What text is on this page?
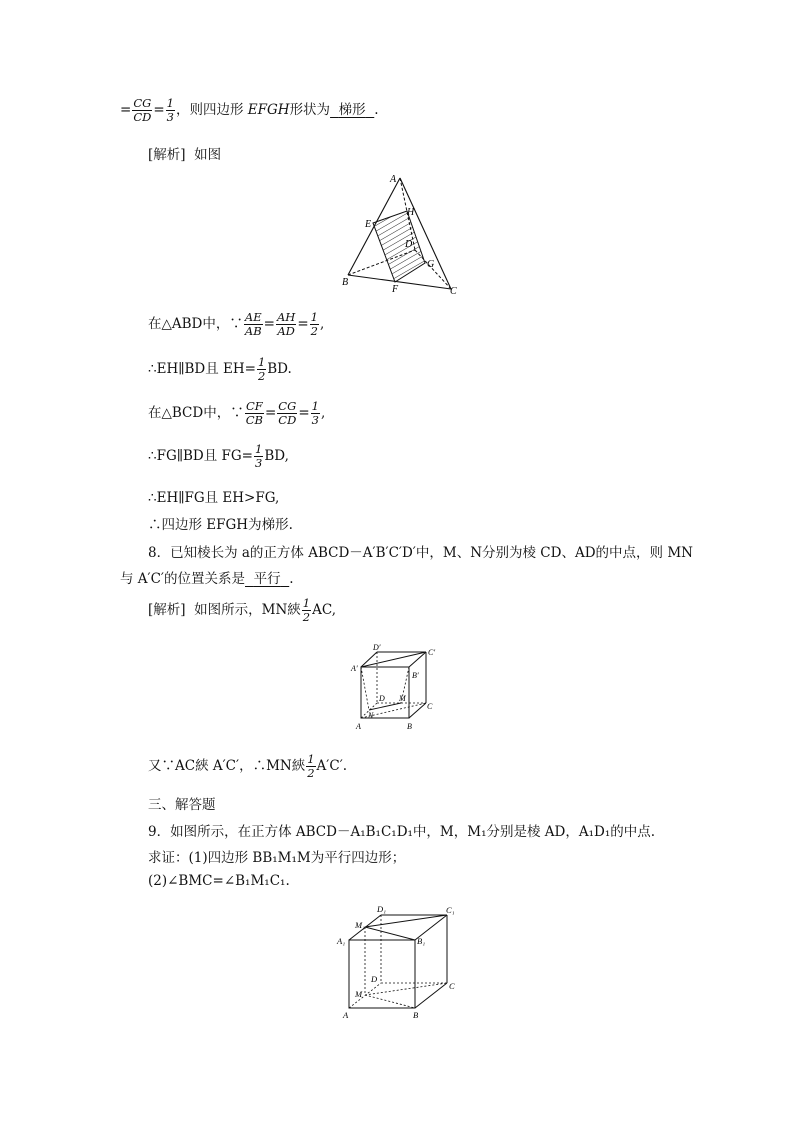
= $\frac{CG}{CD} = \frac{1}{3}$ ，则四边形 EFGH形状为 梯形 .
[解析] 如图
A
E
H
D
G
B
F	C
在△ABD中，∵ $\frac{AE}{AB} = \frac{AH}{AD} = \frac{1}{2}$ ,
∴EH∥BD且 $EH= \frac{1}{2}$ BD.
在△BCD中，∵ $\frac{CF}{CB} = \frac{CG}{CD} = \frac{1}{3}$ ,
∴FG∥BD且 $FG= \frac{1}{3}$ BD,
∴EH∥FG且 EH>FG,
∴四边形 EFGH为梯形.
8．已知棱长为 a的正方体 ABCD－A′B′C′D′中，M、N分别为棱 CD、AD的中点，则 MN
与 A′C′的位置关系是 平行 .
[解析] 如图所示，MN綊 $\frac{1}{2}$ AC,
D′
C′
A′
B′
D M
C
N
A	B
又∵AC綊 A′C′，∴MN綊 $\frac{1}{2} A'C'$.
三、解答题
9．如图所示，在正方体 ABCD－A₁B₁C₁D₁中，M，M₁分别是棱 AD，A₁D₁的中点.
求证：(1)四边形 BB₁M₁M为平行四边形；
(2)∠BMC=∠B₁M₁C₁.
M₁
D₁	C₁
A₁	B₁
D
M
C
A	B
